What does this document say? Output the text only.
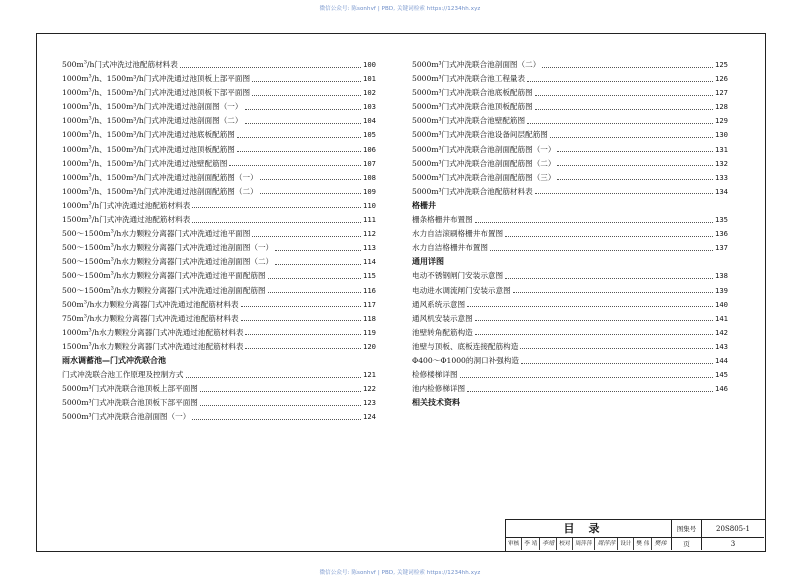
微信公众号: 陈sonhvf | PBD, 关键词检索 https://1234hh.xyz
$500m^3/h$门式冲洗过池配筋材料表	100
$1000m^3/h$、1500m³/h门式冲洗通过池顶板上部平面图	101
$1000m^3/h$、1500m³/h门式冲洗通过池顶板下部平面图	102
$1000m^3/h$、1500m³/h门式冲洗通过池剖面图（一）	103
$1000m^3/h$、1500m³/h门式冲洗通过池剖面图（二）	104
$1000m^3/h$、1500m³/h门式冲洗通过池底板配筋图	105
$1000m^3/h$、1500m³/h门式冲洗通过池顶板配筋图	106
$1000m^3/h$、1500m³/h门式冲洗通过池壁配筋图	107
$1000m^3/h$、1500m³/h门式冲洗通过池剖面配筋图（一）	108
$1000m^3/h$、1500m³/h门式冲洗通过池剖面配筋图（二）	109
$1000m^3/h$门式冲洗通过池配筋材料表	110
$1500m^3/h$门式冲洗通过池配筋材料表	111
$500\sim 1500m^3/h$水力颗粒分离器门式冲洗通过池平面图	112
$500\sim 1500m^3/h$水力颗粒分离器门式冲洗通过池剖面图（一）	113
$500\sim 1500m^3/h$水力颗粒分离器门式冲洗通过池剖面图（二）	114
$500\sim 1500m^3/h$水力颗粒分离器门式冲洗通过池平面配筋图	115
$500\sim 1500m^3/h$水力颗粒分离器门式冲洗通过池剖面配筋图	116
$500m^3/h$水力颗粒分离器门式冲洗通过池配筋材料表	117
$750m^3/h$水力颗粒分离器门式冲洗通过池配筋材料表	118
$1000m^3/h$水力颗粒分离器门式冲洗通过池配筋材料表	119
$1500m^3/h$水力颗粒分离器门式冲洗通过池配筋材料表	120
雨水调蓄池—门式冲洗联合池
门式冲洗联合池工作原理及控制方式	121
5000m³门式冲洗联合池顶板上部平面图	122
5000m³门式冲洗联合池顶板下部平面图	123
5000m³门式冲洗联合池剖面图（一）	124
5000m³门式冲洗联合池剖面图（二）	125
5000m³门式冲洗联合池工程量表	126
5000m³门式冲洗联合池底板配筋图	127
5000m³门式冲洗联合池顶板配筋图	128
5000m³门式冲洗联合池壁配筋图	129
5000m³门式冲洗联合池设备间层配筋图	130
5000m³门式冲洗联合池剖面配筋图（一）	131
5000m³门式冲洗联合池剖面配筋图（二）	132
5000m³门式冲洗联合池剖面配筋图（三）	133
5000m³门式冲洗联合池配筋材料表	134
格栅井
栅条格栅井布置图	135
水力自洁滚刷格栅井布置图	136
水力自洁格栅井布置图	137
通用详图
电动不锈钢闸门安装示意图	138
电动进水调流闸门安装示意图	139
通风系统示意图	140
通风机安装示意图	141
池壁转角配筋构造	142
池壁与顶板、底板连接配筋构造	143
Φ400～Φ1000的洞口补强构造	144
检修楼梯详图	145
池内检修梯详图	146
相关技术资料
目录	图集号	20S805-1
审核 李 靖 李靖 校对 周萍萍 周萍萍 设计 樊 伟 樊伟	页	3
微信公众号: 陈sonhvf | PBD, 关键词检索 https://1234hh.xyz
